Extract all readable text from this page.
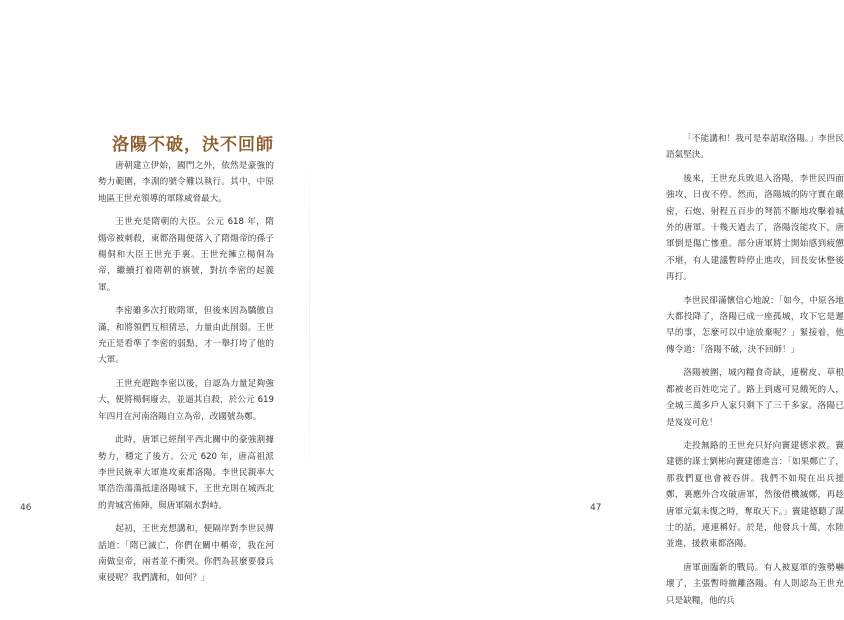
洛陽不破，決不回師

唐朝建立伊始，國門之外，依然是豪強的勢力範圍，李淵的號令難以執行。其中，中原地區王世充領導的軍隊威脅最大。

王世充是隋朝的大臣。公元 618 年，隋煬帝被刺殺，東都洛陽便落入了隋煬帝的孫子楊侗和大臣王世充手裏。王世充擁立楊侗為帝，繼續打着隋朝的旗號，對抗李密的起義軍。

李密雖多次打敗隋軍，但後來因為驕傲自滿，和將領們互相猜忌，力量由此削弱。王世充正是看準了李密的弱點，才一舉打垮了他的大軍。

王世充趕跑李密以後，自認為力量足夠強大，便將楊侗廢去，並逼其自殺，於公元 619 年四月在河南洛陽自立為帝，改國號為鄭。

此時，唐軍已經削平西北關中的豪強割據勢力，穩定了後方。公元 620 年，唐高祖派李世民統率大軍進攻東都洛陽。李世民親率大軍浩浩蕩蕩抵達洛陽城下，王世充則在城西北的青城宮佈陣，與唐軍隔水對峙。

起初，王世充想講和，便隔岸對李世民傳話道：「隋已滅亡，你們在關中稱帝，我在河南做皇帝，兩者並不衝突。你們為甚麼要發兵東侵呢？我們講和，如何？」

46

「不能講和！我可是奉詔取洛陽。」李世民語氣堅決。

後來，王世充兵敗退入洛陽，李世民四面強攻，日夜不停。然而，洛陽城的防守實在嚴密，石炮、射程五百步的弩箭不斷地攻擊着城外的唐軍。十幾天過去了，洛陽沒能攻下，唐軍倒是傷亡慘重。部分唐軍將士開始感到疲憊不堪，有人建議暫時停止進攻，回長安休整後再打。

李世民卻滿懷信心地說：「如今，中原各地大都投降了，洛陽已成一座孤城，攻下它是遲早的事，怎麼可以中途放棄呢？」緊接着，他傳令道：「洛陽不破，決不回師！」

洛陽被圍，城內糧食奇缺，連樹皮、草根都被老百姓吃完了。路上到處可見餓死的人，全城三萬多戶人家只剩下了三千多家。洛陽已是岌岌可危！

走投無路的王世充只好向竇建德求救。竇建德的謀士劉彬向竇建德進言：「如果鄭亡了，那我們夏也會被吞併。我們不如現在出兵援鄭，裏應外合攻破唐軍，然後借機滅鄭，再趁唐軍元氣未復之時，奪取天下。」竇建德聽了謀士的話，連連稱好。於是，他發兵十萬，水陸並進，援救東都洛陽。

唐軍面臨新的戰局。有人被夏軍的強勢嚇壞了，主張暫時撤離洛陽。有人則認為王世充只是缺糧，他的兵

47
